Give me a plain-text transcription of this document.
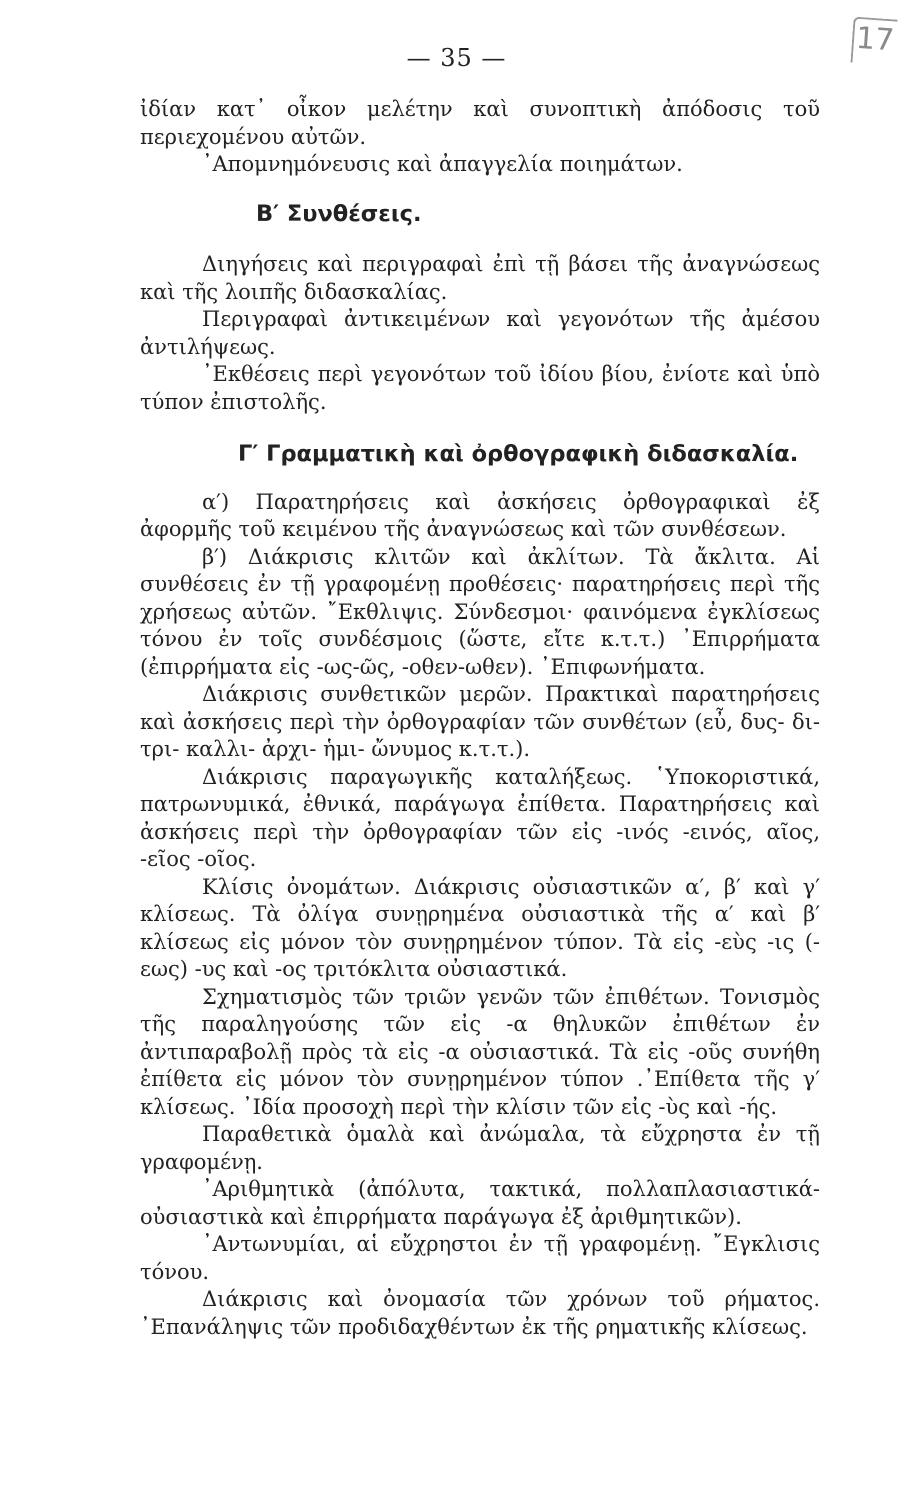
— 35 —	17

ἰδίαν κατ᾽ οἶκον μελέτην καὶ συνοπτικὴ ἀπόδοσις τοῦ περιεχομένου αὐτῶν.

᾽Απομνημόνευσις καὶ ἀπαγγελία ποιημάτων.

Β′ Συνθέσεις.

Διηγήσεις καὶ περιγραφαὶ ἐπὶ τῇ βάσει τῆς ἀναγνώσεως καὶ τῆς λοιπῆς διδασκαλίας.

Περιγραφαὶ ἀντικειμένων καὶ γεγονότων τῆς ἀμέσου ἀντιλήψεως.

᾽Εκθέσεις περὶ γεγονότων τοῦ ἰδίου βίου, ἐνίοτε καὶ ὑπὸ τύπον ἐπιστολῆς.

Γ′ Γραμματικὴ καὶ ὀρθογραφικὴ διδασκαλία.

α′) Παρατηρήσεις καὶ ἀσκήσεις ὀρθογραφικαὶ ἐξ ἀφορμῆς τοῦ κειμένου τῆς ἀναγνώσεως καὶ τῶν συνθέσεων.

β′) Διάκρισις κλιτῶν καὶ ἀκλίτων. Τὰ ἄκλιτα. Αἱ συνθέσεις ἐν τῇ γραφομένῃ προθέσεις· παρατηρήσεις περὶ τῆς χρήσεως αὐτῶν. ῎Εκθλιψις. Σύνδεσμοι· φαινόμενα ἐγκλίσεως τόνου ἐν τοῖς συνδέσμοις (ὥστε, εἴτε κ.τ.τ.) ᾽Επιρρήματα (ἐπιρρήματα εἰς -ως-ῶς, -οθεν-ωθεν). ᾽Επιφωνήματα.

Διάκρισις συνθετικῶν μερῶν. Πρακτικαὶ παρατηρήσεις καὶ ἀσκήσεις περὶ τὴν ὀρθογραφίαν τῶν συνθέτων (εὖ, δυς- δι- τρι- καλλι- ἀρχι- ἡμι- ὤνυμος κ.τ.τ.).

Διάκρισις παραγωγικῆς καταλήξεως. ῾Υποκοριστικά, πατρωνυμικά, ἐθνικά, παράγωγα ἐπίθετα. Παρατηρήσεις καὶ ἀσκήσεις περὶ τὴν ὀρθογραφίαν τῶν εἰς -ινός -εινός, αῖος, -εῖος -οῖος.

Κλίσις ὀνομάτων. Διάκρισις οὐσιαστικῶν α′, β′ καὶ γ′ κλίσεως. Τὰ ὀλίγα συνῃρημένα οὐσιαστικὰ τῆς α′ καὶ β′ κλίσεως εἰς μόνον τὸν συνῃρημένον τύπον. Τὰ εἰς -εὺς -ις (-εως) -υς καὶ -ος τριτόκλιτα οὐσιαστικά.

Σχηματισμὸς τῶν τριῶν γενῶν τῶν ἐπιθέτων. Τονισμὸς τῆς παραληγούσης τῶν εἰς -α θηλυκῶν ἐπιθέτων ἐν ἀντιπαραβολῇ πρὸς τὰ εἰς -α οὐσιαστικά. Τὰ εἰς -οῦς συνήθη ἐπίθετα εἰς μόνον τὸν συνῃρημένον τύπον .᾽Επίθετα τῆς γ′ κλίσεως. ᾽Ιδία προσοχὴ περὶ τὴν κλίσιν τῶν εἰς -ὺς καὶ -ής.

Παραθετικὰ ὁμαλὰ καὶ ἀνώμαλα, τὰ εὔχρηστα ἐν τῇ γραφομένῃ.

᾽Αριθμητικὰ (ἀπόλυτα, τακτικά, πολλαπλασιαστικά-οὐσιαστικὰ καὶ ἐπιρρήματα παράγωγα ἐξ ἀριθμητικῶν).

᾽Αντωνυμίαι, αἱ εὔχρηστοι ἐν τῇ γραφομένῃ. ῎Εγκλισις τόνου.

Διάκρισις καὶ ὀνομασία τῶν χρόνων τοῦ ρήματος. ᾽Επανάληψις τῶν προδιδαχθέντων ἐκ τῆς ρηματικῆς κλίσεως.
